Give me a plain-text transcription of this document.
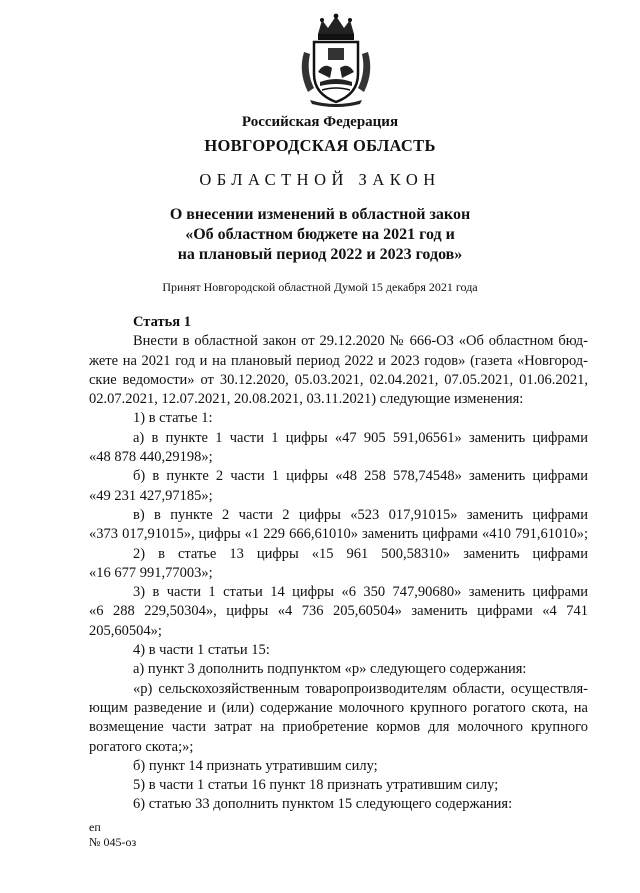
Российская Федерация
НОВГОРОДСКАЯ ОБЛАСТЬ
ОБЛАСТНОЙ ЗАКОН
О внесении изменений в областной закон
«Об областном бюджете на 2021 год и
на плановый период 2022 и 2023 годов»
Принят Новгородской областной Думой 15 декабря 2021 года
Статья 1
Внести в областной закон от 29.12.2020 № 666-ОЗ «Об областном бюд-
жете на 2021 год и на плановый период 2022 и 2023 годов» (газета «Новгород-
ские ведомости» от 30.12.2020, 05.03.2021, 02.04.2021, 07.05.2021, 01.06.2021,
02.07.2021, 12.07.2021, 20.08.2021, 03.11.2021) следующие изменения:
1) в статье 1:
а) в пункте 1 части 1 цифры «47 905 591,06561» заменить цифрами
«48 878 440,29198»;
б) в пункте 2 части 1 цифры «48 258 578,74548» заменить цифрами
«49 231 427,97185»;
в) в пункте 2 части 2 цифры «523 017,91015» заменить цифрами
«373 017,91015», цифры «1 229 666,61010» заменить цифрами «410 791,61010»;
2) в статье 13 цифры «15 961 500,58310» заменить цифрами
«16 677 991,77003»;
3) в части 1 статьи 14 цифры «6 350 747,90680» заменить цифрами
«6 288 229,50304», цифры «4 736 205,60504» заменить цифрами «4 741 205,60504»;
4) в части 1 статьи 15:
а) пункт 3 дополнить подпунктом «р» следующего содержания:
«р) сельскохозяйственным товаропроизводителям области, осуществля-
ющим разведение и (или) содержание молочного крупного рогатого скота, на
возмещение части затрат на приобретение кормов для молочного крупного
рогатого скота;»;
б) пункт 14 признать утратившим силу;
5) в части 1 статьи 16 пункт 18 признать утратившим силу;
6) статью 33 дополнить пунктом 15 следующего содержания:
еп
№ 045-оз
